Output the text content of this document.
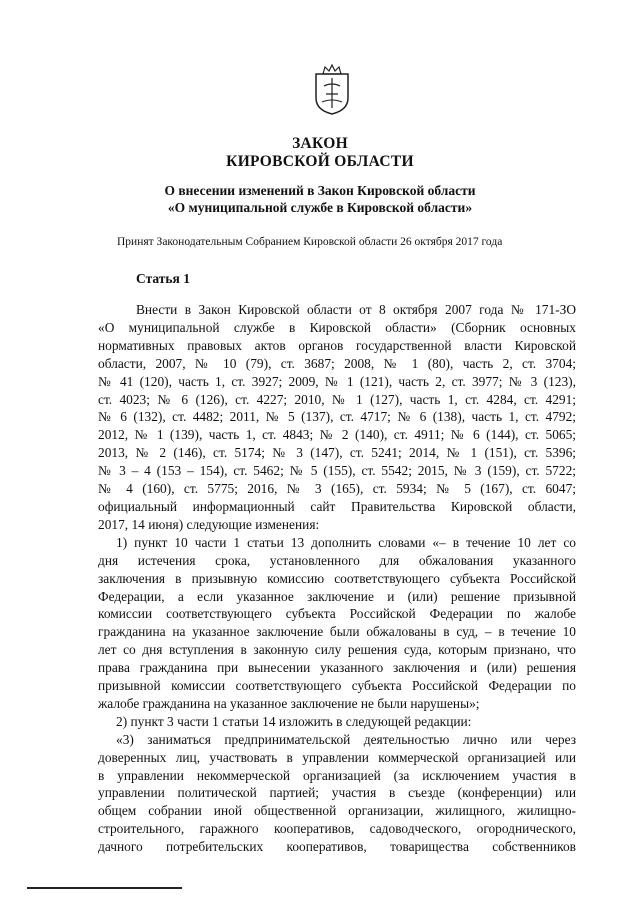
ЗАКОН
КИРОВСКОЙ ОБЛАСТИ
О внесении изменений в Закон Кировской области
«О муниципальной службе в Кировской области»
Принят Законодательным Собранием Кировской области 26 октября 2017 года
Статья 1

Внести в Закон Кировской области от 8 октября 2007 года № 171-ЗО

«О муниципальной службе в Кировской области» (Сборник основных

нормативных правовых актов органов государственной власти Кировской

области, 2007, № 10 (79), ст. 3687; 2008, № 1 (80), часть 2, ст. 3704;

№ 41 (120), часть 1, ст. 3927; 2009, № 1 (121), часть 2, ст. 3977; № 3 (123),

ст. 4023; № 6 (126), ст. 4227; 2010, № 1 (127), часть 1, ст. 4284, ст. 4291;

№ 6 (132), ст. 4482; 2011, № 5 (137), ст. 4717; № 6 (138), часть 1, ст. 4792;

2012, № 1 (139), часть 1, ст. 4843; № 2 (140), ст. 4911; № 6 (144), ст. 5065;

2013, № 2 (146), ст. 5174; № 3 (147), ст. 5241; 2014, № 1 (151), ст. 5396;

№ 3 – 4 (153 – 154), ст. 5462; № 5 (155), ст. 5542; 2015, № 3 (159), ст. 5722;

№ 4 (160), ст. 5775; 2016, № 3 (165), ст. 5934; № 5 (167), ст. 6047;

официальный информационный сайт Правительства Кировской области,

2017, 14 июня) следующие изменения:

1) пункт 10 части 1 статьи 13 дополнить словами «– в течение 10 лет со

дня истечения срока, установленного для обжалования указанного

заключения в призывную комиссию соответствующего субъекта Российской

Федерации, а если указанное заключение и (или) решение призывной

комиссии соответствующего субъекта Российской Федерации по жалобе

гражданина на указанное заключение были обжалованы в суд, – в течение 10

лет со дня вступления в законную силу решения суда, которым признано, что

права гражданина при вынесении указанного заключения и (или) решения

призывной комиссии соответствующего субъекта Российской Федерации по

жалобе гражданина на указанное заключение не были нарушены»;

2) пункт 3 части 1 статьи 14 изложить в следующей редакции:

«3) заниматься предпринимательской деятельностью лично или через

доверенных лиц, участвовать в управлении коммерческой организацией или

в управлении некоммерческой организацией (за исключением участия в

управлении политической партией; участия в съезде (конференции) или

общем собрании иной общественной организации, жилищного, жилищно-

строительного, гаражного кооперативов, садоводческого, огороднического,

дачного потребительских кооперативов, товарищества собственников
